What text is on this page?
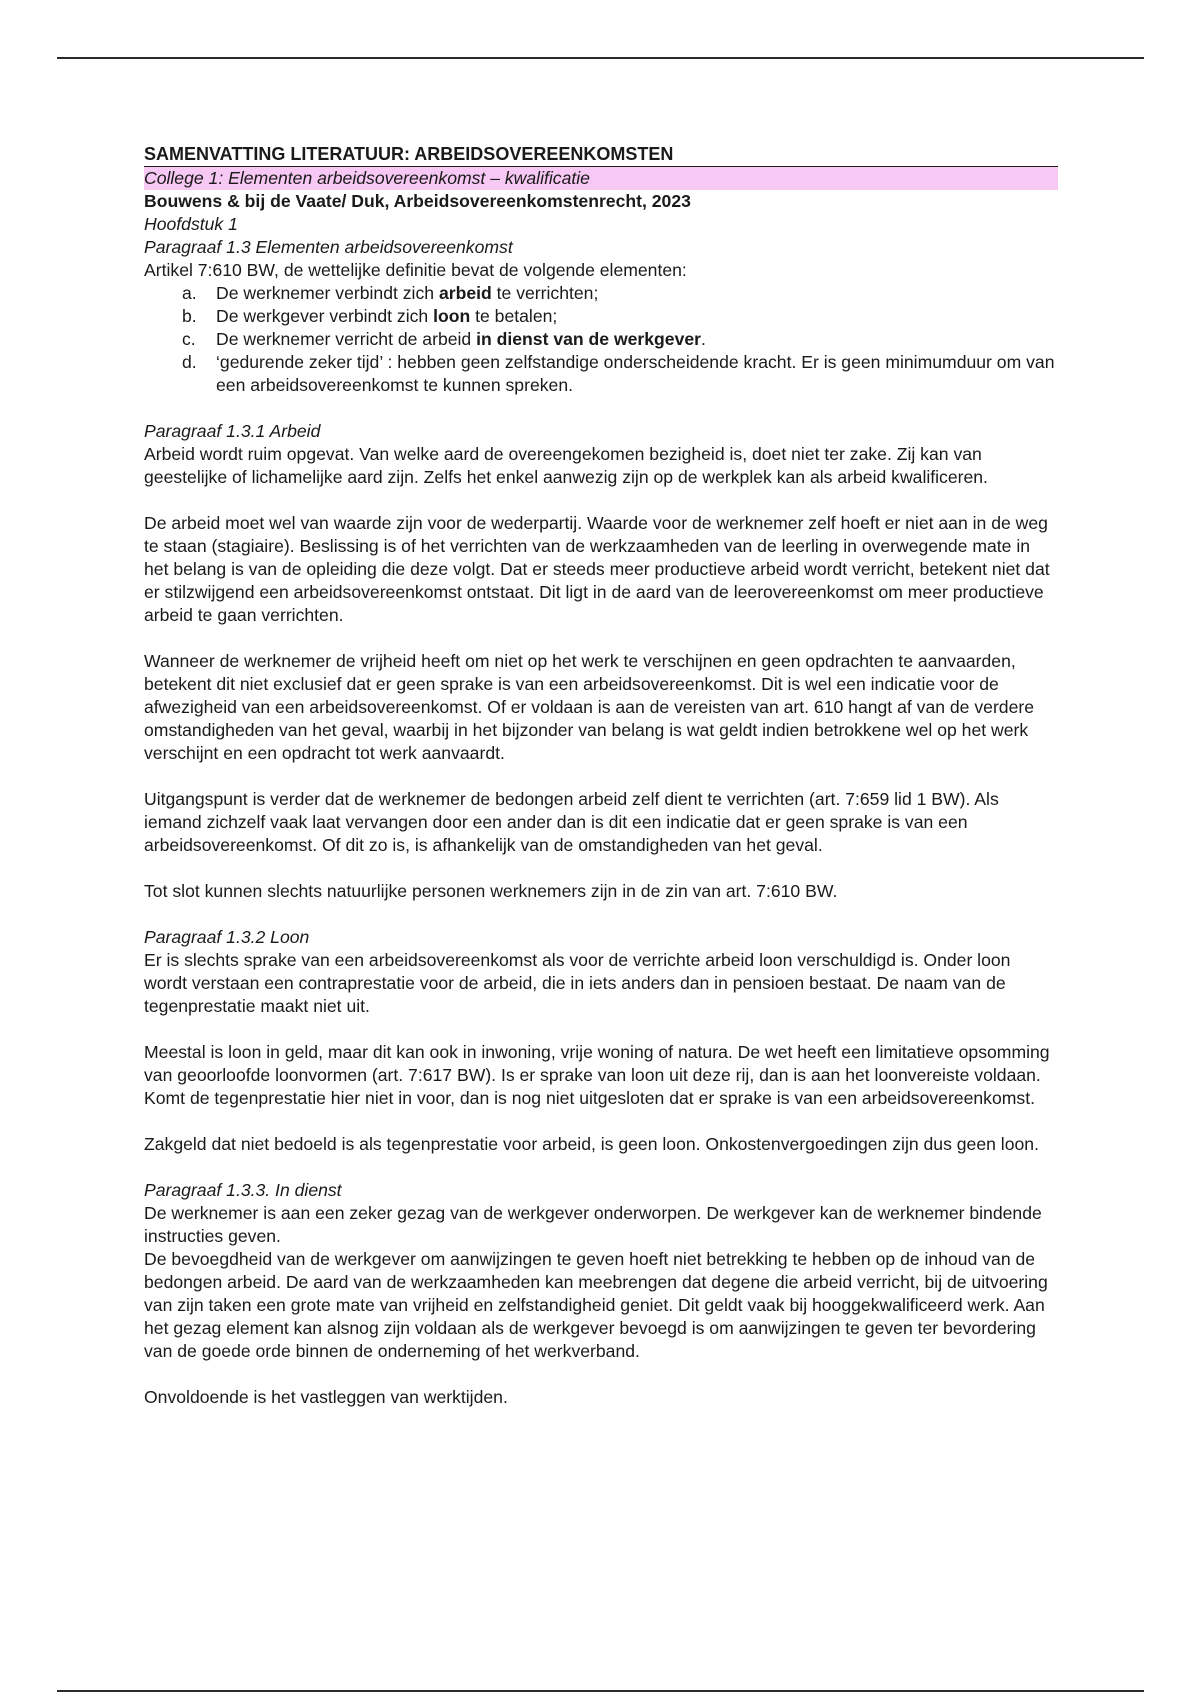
SAMENVATTING LITERATUUR: ARBEIDSOVEREENKOMSTEN
College 1: Elementen arbeidsovereenkomst – kwalificatie
Bouwens & bij de Vaate/ Duk, Arbeidsovereenkomstenrecht, 2023
Hoofdstuk 1
Paragraaf 1.3 Elementen arbeidsovereenkomst

Artikel 7:610 BW, de wettelijke definitie bevat de volgende elementen:

a.	De werknemer verbindt zich arbeid te verrichten;
b.	De werkgever verbindt zich loon te betalen;
c.	De werknemer verricht de arbeid in dienst van de werkgever.
d.	‘gedurende zeker tijd’ : hebben geen zelfstandige onderscheidende kracht. Er is geen minimumduur om van een arbeidsovereenkomst te kunnen spreken.
Paragraaf 1.3.1 Arbeid

Arbeid wordt ruim opgevat. Van welke aard de overeengekomen bezigheid is, doet niet ter zake. Zij kan van geestelijke of lichamelijke aard zijn. Zelfs het enkel aanwezig zijn op de werkplek kan als arbeid kwalificeren.

De arbeid moet wel van waarde zijn voor de wederpartij. Waarde voor de werknemer zelf hoeft er niet aan in de weg te staan (stagiaire). Beslissing is of het verrichten van de werkzaamheden van de leerling in overwegende mate in het belang is van de opleiding die deze volgt. Dat er steeds meer productieve arbeid wordt verricht, betekent niet dat er stilzwijgend een arbeidsovereenkomst ontstaat. Dit ligt in de aard van de leerovereenkomst om meer productieve arbeid te gaan verrichten.

Wanneer de werknemer de vrijheid heeft om niet op het werk te verschijnen en geen opdrachten te aanvaarden, betekent dit niet exclusief dat er geen sprake is van een arbeidsovereenkomst. Dit is wel een indicatie voor de afwezigheid van een arbeidsovereenkomst. Of er voldaan is aan de vereisten van art. 610 hangt af van de verdere omstandigheden van het geval, waarbij in het bijzonder van belang is wat geldt indien betrokkene wel op het werk verschijnt en een opdracht tot werk aanvaardt.

Uitgangspunt is verder dat de werknemer de bedongen arbeid zelf dient te verrichten (art. 7:659 lid 1 BW). Als iemand zichzelf vaak laat vervangen door een ander dan is dit een indicatie dat er geen sprake is van een arbeidsovereenkomst. Of dit zo is, is afhankelijk van de omstandigheden van het geval.

Tot slot kunnen slechts natuurlijke personen werknemers zijn in de zin van art. 7:610 BW.

Paragraaf 1.3.2 Loon

Er is slechts sprake van een arbeidsovereenkomst als voor de verrichte arbeid loon verschuldigd is. Onder loon wordt verstaan een contraprestatie voor de arbeid, die in iets anders dan in pensioen bestaat. De naam van de tegenprestatie maakt niet uit.

Meestal is loon in geld, maar dit kan ook in inwoning, vrije woning of natura. De wet heeft een limitatieve opsomming van geoorloofde loonvormen (art. 7:617 BW). Is er sprake van loon uit deze rij, dan is aan het loonvereiste voldaan. Komt de tegenprestatie hier niet in voor, dan is nog niet uitgesloten dat er sprake is van een arbeidsovereenkomst.

Zakgeld dat niet bedoeld is als tegenprestatie voor arbeid, is geen loon. Onkostenvergoedingen zijn dus geen loon.

Paragraaf 1.3.3. In dienst

De werknemer is aan een zeker gezag van de werkgever onderworpen. De werkgever kan de werknemer bindende instructies geven.

De bevoegdheid van de werkgever om aanwijzingen te geven hoeft niet betrekking te hebben op de inhoud van de bedongen arbeid. De aard van de werkzaamheden kan meebrengen dat degene die arbeid verricht, bij de uitvoering van zijn taken een grote mate van vrijheid en zelfstandigheid geniet. Dit geldt vaak bij hooggekwalificeerd werk. Aan het gezag element kan alsnog zijn voldaan als de werkgever bevoegd is om aanwijzingen te geven ter bevordering van de goede orde binnen de onderneming of het werkverband.

Onvoldoende is het vastleggen van werktijden.
